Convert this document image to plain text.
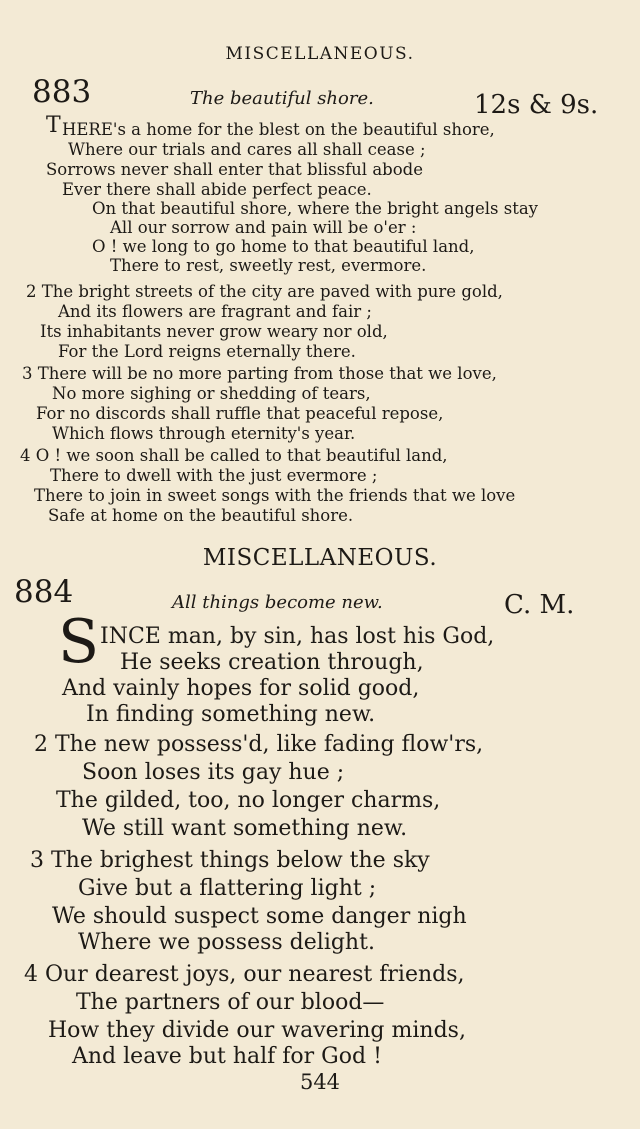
MISCELLANEOUS.
883	The beautiful shore.	12s & 9s.
T HERE's a home for the blest on the beautiful shore,
Where our trials and cares all shall cease ;
Sorrows never shall enter that blissful abode
Ever there shall abide perfect peace.
On that beautiful shore, where the bright angels stay
All our sorrow and pain will be o'er :
O ! we long to go home to that beautiful land,
There to rest, sweetly rest, evermore.
2 The bright streets of the city are paved with pure gold,
And its flowers are fragrant and fair ;
Its inhabitants never grow weary nor old,
For the Lord reigns eternally there.
3 There will be no more parting from those that we love,
No more sighing or shedding of tears,
For no discords shall ruffle that peaceful repose,
Which flows through eternity's year.
4 O ! we soon shall be called to that beautiful land,
There to dwell with the just evermore ;
There to join in sweet songs with the friends that we love
Safe at home on the beautiful shore.
MISCELLANEOUS.
884	All things become new.	C. M.
S INCE man, by sin, has lost his God,
He seeks creation through,
And vainly hopes for solid good,
In finding something new.
2 The new possess'd, like fading flow'rs,
Soon loses its gay hue ;
The gilded, too, no longer charms,
We still want something new.
3 The brighest things below the sky
Give but a flattering light ;
We should suspect some danger nigh
Where we possess delight.
4 Our dearest joys, our nearest friends,
The partners of our blood—
How they divide our wavering minds,
And leave but half for God !
544
